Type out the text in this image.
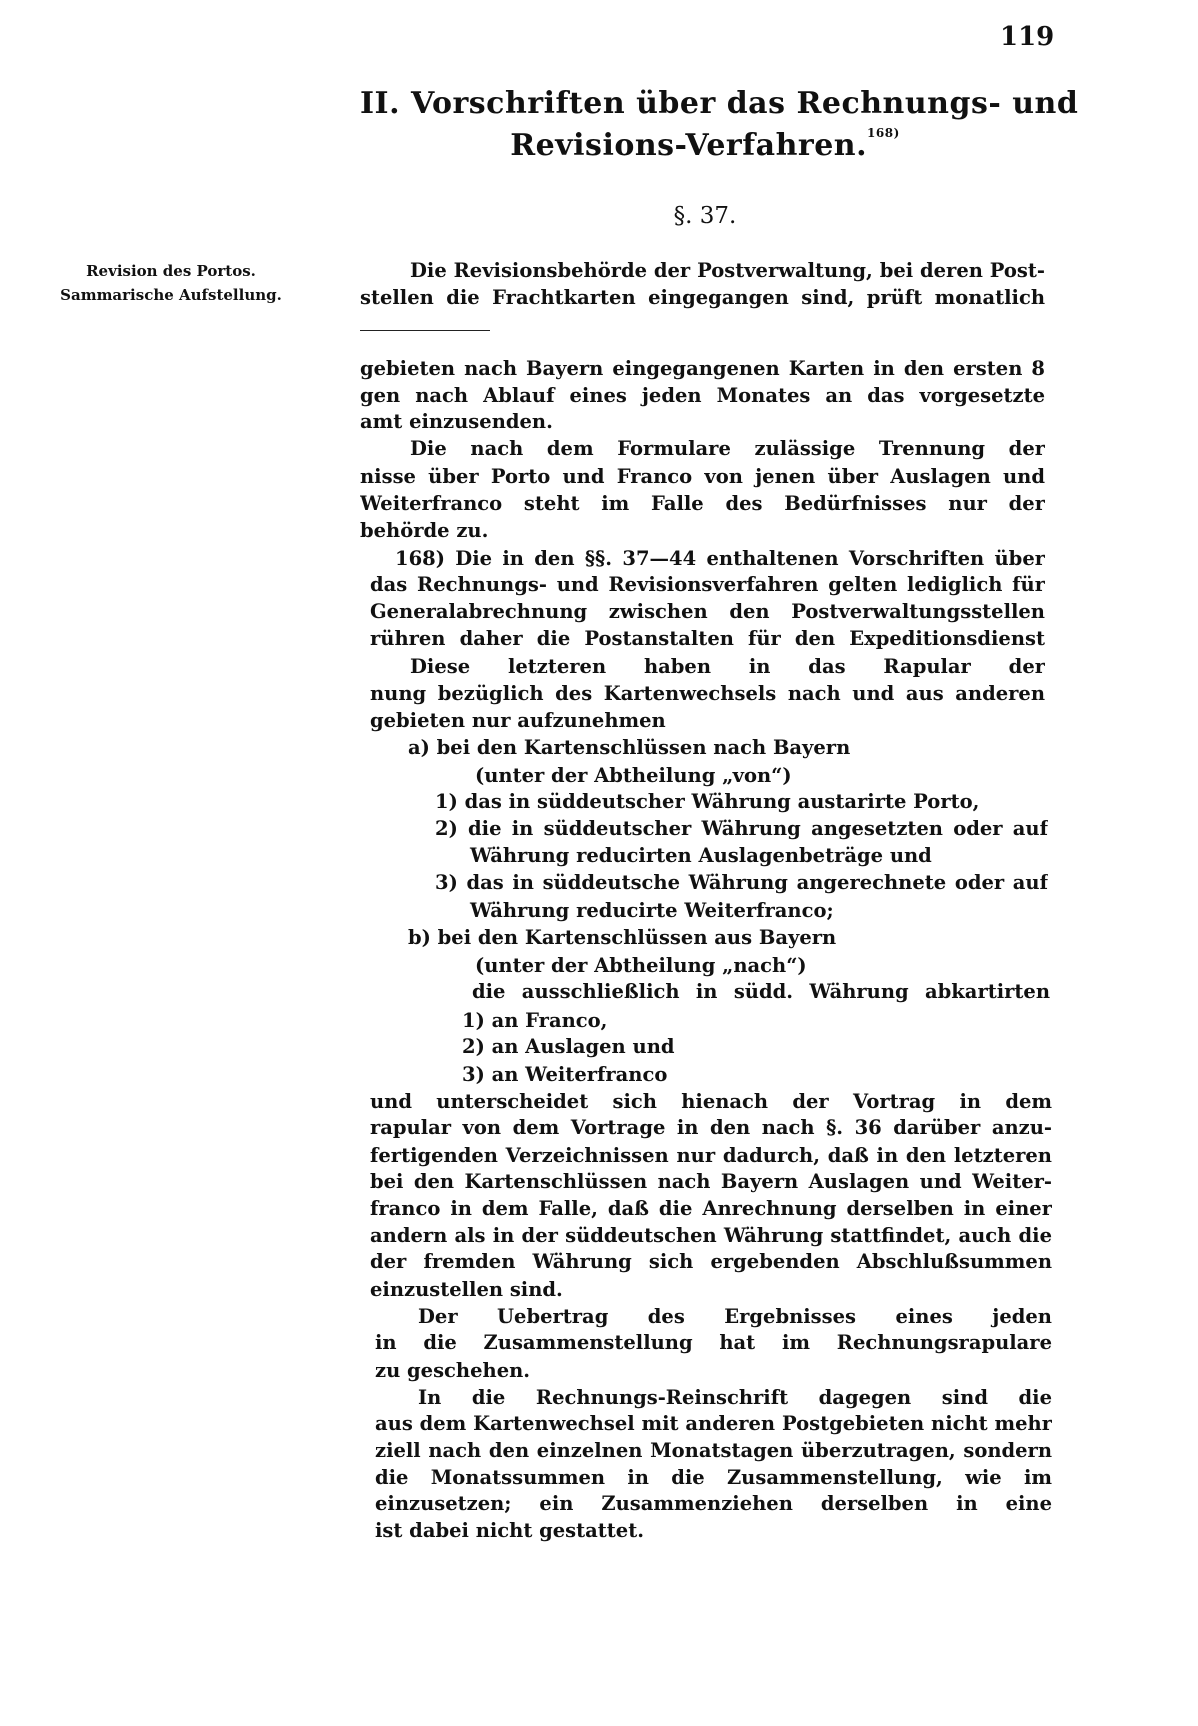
119
II. Vorschriften über das Rechnungs- und
Revisions-Verfahren.$^{168)}$
§. 37.
Revision des Portos.
Sammarische Aufstellung.
Die Revisionsbehörde der Postverwaltung, bei deren Post-
stellen die Frachtkarten eingegangen sind, prüft monatlich
gebieten nach Bayern eingegangenen Karten in den ersten 8
gen nach Ablauf eines jeden Monates an das vorgesetzte
amt einzusenden.
Die nach dem Formulare zulässige Trennung der
nisse über Porto und Franco von jenen über Auslagen und
Weiterfranco steht im Falle des Bedürfnisses nur der
behörde zu.
168) Die in den §§. 37—44 enthaltenen Vorschriften über
das Rechnungs- und Revisionsverfahren gelten lediglich für
Generalabrechnung zwischen den Postverwaltungsstellen
rühren daher die Postanstalten für den Expeditionsdienst
Diese letzteren haben in das Rapular der
nung bezüglich des Kartenwechsels nach und aus anderen
gebieten nur aufzunehmen
a) bei den Kartenschlüssen nach Bayern
(unter der Abtheilung „von“)
1) das in süddeutscher Währung austarirte Porto,
2) die in süddeutscher Währung angesetzten oder auf
Währung reducirten Auslagenbeträge und
3) das in süddeutsche Währung angerechnete oder auf
Währung reducirte Weiterfranco;
b) bei den Kartenschlüssen aus Bayern
(unter der Abtheilung „nach“)
die ausschließlich in südd. Währung abkartirten
1) an Franco,
2) an Auslagen und
3) an Weiterfranco
und unterscheidet sich hienach der Vortrag in dem
rapular von dem Vortrage in den nach §. 36 darüber anzu-
fertigenden Verzeichnissen nur dadurch, daß in den letzteren
bei den Kartenschlüssen nach Bayern Auslagen und Weiter-
franco in dem Falle, daß die Anrechnung derselben in einer
andern als in der süddeutschen Währung stattfindet, auch die
der fremden Währung sich ergebenden Abschlußsummen
einzustellen sind.
Der Uebertrag des Ergebnisses eines jeden
in die Zusammenstellung hat im Rechnungsrapulare
zu geschehen.
In die Rechnungs-Reinschrift dagegen sind die
aus dem Kartenwechsel mit anderen Postgebieten nicht mehr
ziell nach den einzelnen Monatstagen überzutragen, sondern
die Monatssummen in die Zusammenstellung, wie im
einzusetzen; ein Zusammenziehen derselben in eine
ist dabei nicht gestattet.
